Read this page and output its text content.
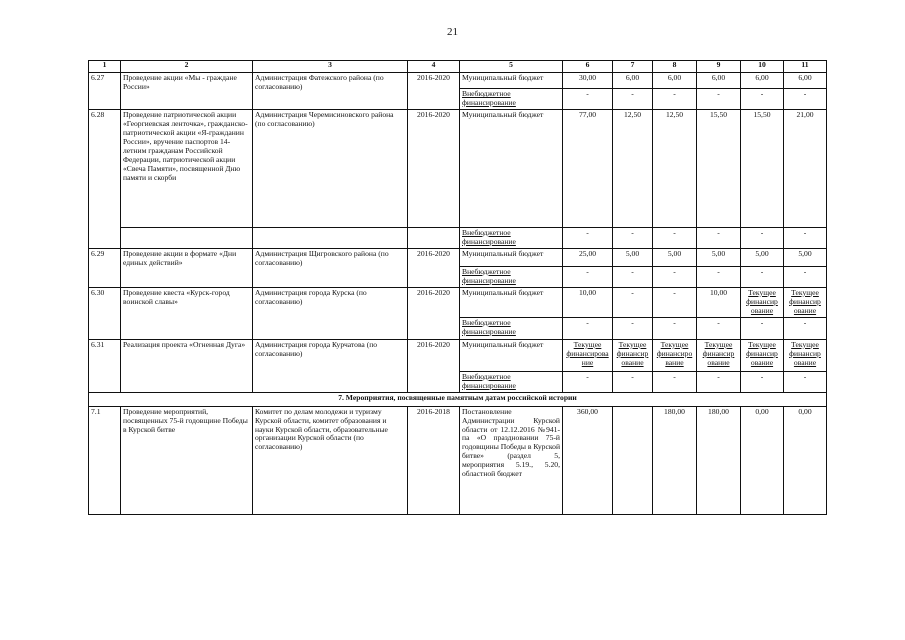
21
1	2	3	4	5	6	7	8	9	10	11
6.27	Проведение акции «Мы - граждане России»	Администрация Фатежского района (по согласованию)	2016-2020	Муниципальный бюджет	30,00	6,00	6,00	6,00	6,00	6,00
				Внебюджетное финансирование	-	-	-	-	-	-
6.28	Проведение патриотической акции «Георгиевская ленточка», гражданско-патриотической акции «Я-гражданин России», вручение паспортов 14-летним гражданам Российской Федерации, патриотической акции «Свеча Памяти», посвященной Дню памяти и скорби	Администрация Черемисиновского района (по согласованию)	2016-2020	Муниципальный бюджет	77,00	12,50	12,50	15,50	15,50	21,00
				Внебюджетное финансирование	-	-	-	-	-	-
6.29	Проведение акции в формате «Дни единых действий»	Администрация Щигровского района (по согласованию)	2016-2020	Муниципальный бюджет	25,00	5,00	5,00	5,00	5,00	5,00
				Внебюджетное финансирование	-	-	-	-	-	-
6.30	Проведение квеста «Курск-город воинской славы»	Администрация города Курска (по согласованию)	2016-2020	Муниципальный бюджет	10,00	-	-	10,00	Текущее финансир ование	Текущее финансир ование
				Внебюджетное финансирование	-	-	-	-	-	-
6.31	Реализация проекта «Огненная Дуга»	Администрация города Курчатова (по согласованию)	2016-2020	Муниципальный бюджет	Текущее финансирова ние	Текущее финансир ование	Текущее финансиро вание	Текущее финансир ование	Текущее финансир ование	Текущее финансир ование
				Внебюджетное финансирование	-	-	-	-	-	-
7. Мероприятия, посвященные памятным датам российской истории										
7.1	Проведение мероприятий, посвященных 75-й годовщине Победы в Курской битве	Комитет по делам молодежи и туризму Курской области, комитет образования и науки Курской области, образовательные организации Курской области (по согласованию)	2016-2018	Постановление Администрации Курской области от 12.12.2016 №941-па «О праздновании 75-й годовщины Победы в Курской битве» (раздел 5, мероприятия 5.19., 5.20, областной бюджет	360,00		180,00	180,00	0,00	0,00
